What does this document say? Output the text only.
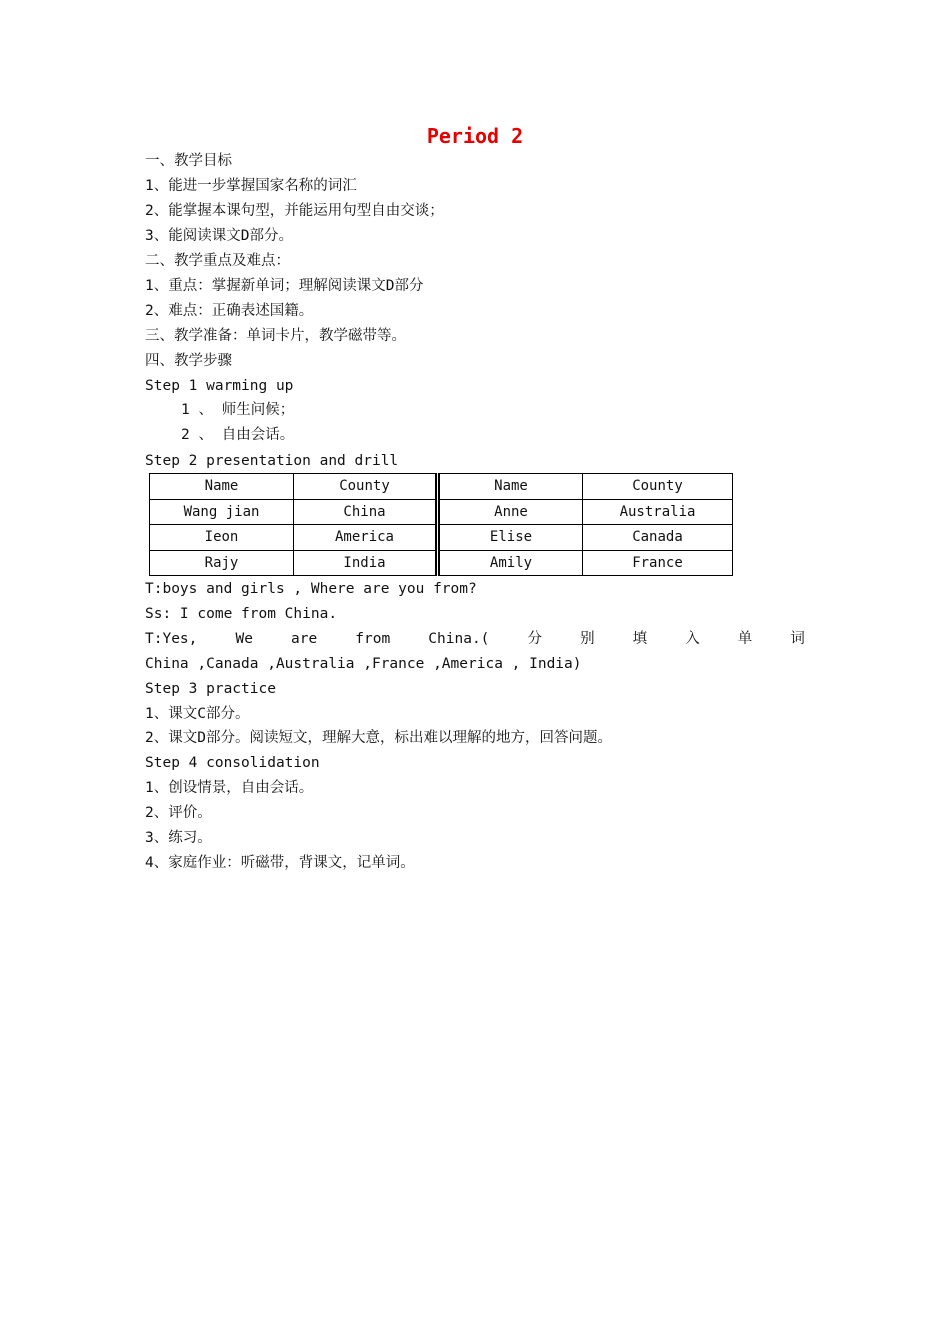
Period 2
一、教学目标
1、能进一步掌握国家名称的词汇
2、能掌握本课句型，并能运用句型自由交谈；
3、能阅读课文D部分。
二、教学重点及难点：
1、重点：掌握新单词；理解阅读课文D部分
2、难点：正确表述国籍。
三、教学准备：单词卡片，教学磁带等。
四、教学步骤
Step 1 warming up
1 、 师生问候；
2 、 自由会话。
Step 2 presentation and drill
Name	County	Name	County
Wang jian	China	Anne	Australia
Ieon	America	Elise	Canada
Rajy	India	Amily	France
T:boys and girls , Where are you from?
Ss: I come from China.
T:Yes,	We	are	from	China.(	分	别	填	入	单	词
China ,Canada ,Australia ,France ,America , India)
Step 3 practice
1、课文C部分。
2、课文D部分。阅读短文，理解大意，标出难以理解的地方，回答问题。
Step 4 consolidation
1、创设情景，自由会话。
2、评价。
3、练习。
4、家庭作业：听磁带，背课文，记单词。
